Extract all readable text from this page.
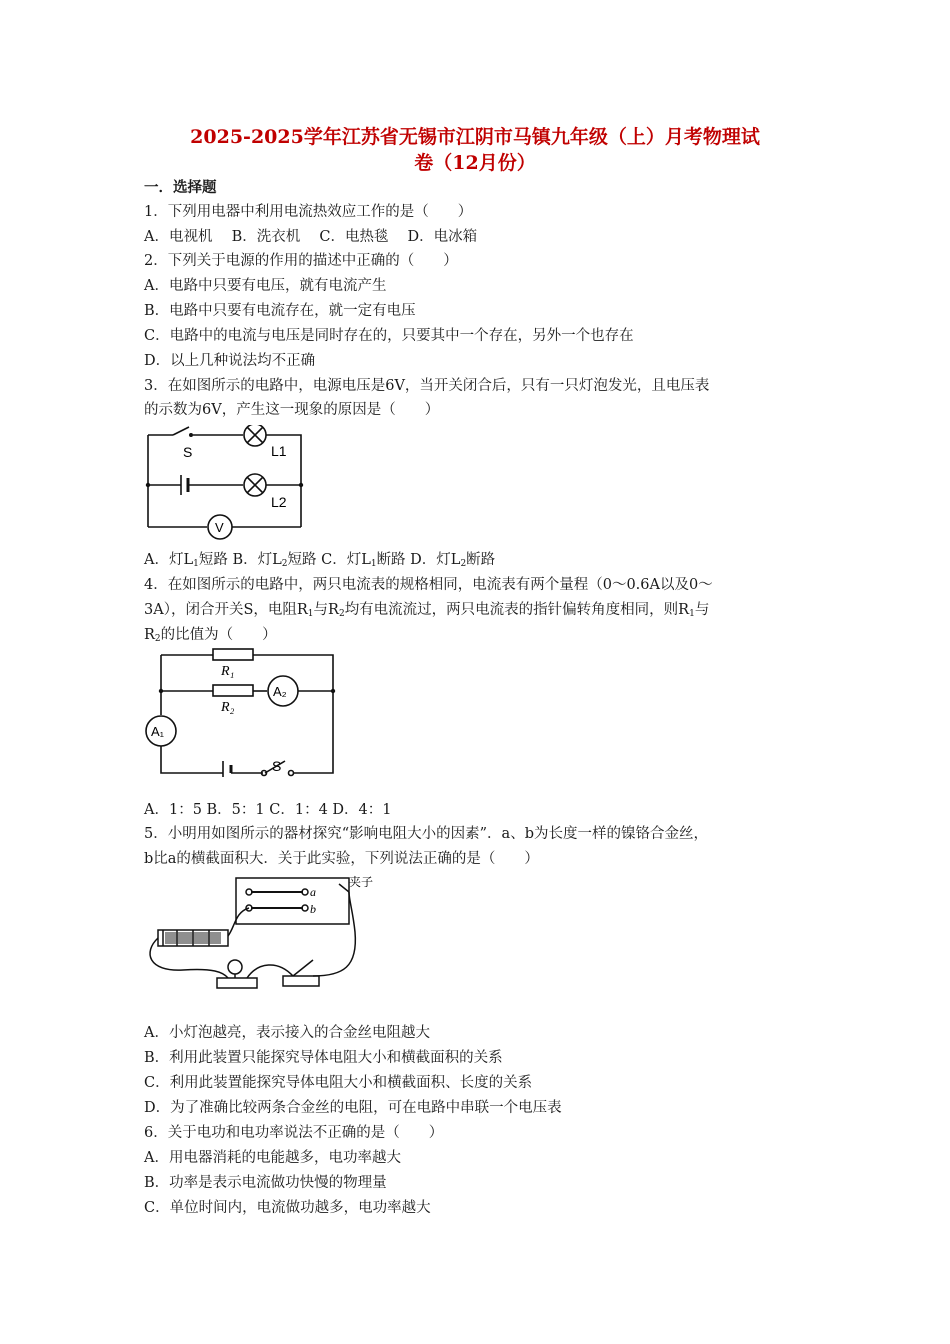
2025-2025学年江苏省无锡市江阴市马镇九年级（上）月考物理试
卷（12月份）
一．选择题
1．下列用电器中利用电流热效应工作的是（　　）
A．电视机　 B．洗衣机　 C．电热毯　 D．电冰箱
2．下列关于电源的作用的描述中正确的（　　）
A．电路中只要有电压，就有电流产生
B．电路中只要有电流存在，就一定有电压
C．电路中的电流与电压是同时存在的，只要其中一个存在，另外一个也存在
D．以上几种说法均不正确
3．在如图所示的电路中，电源电压是6V，当开关闭合后，只有一只灯泡发光，且电压表
的示数为6V，产生这一现象的原因是（　　）
S	L1
L2
V
A．灯$L_1$短路 B．灯$L_2$短路 C．灯$L_1$断路 D．灯$L_2$断路
4．在如图所示的电路中，两只电流表的规格相同，电流表有两个量程（0～0.6A以及0～
3A），闭合开关S，电阻$R_1$与$R_2$均有电流流过，两只电流表的指针偏转角度相同，则$R_1$与
$R_2$的比值为（　　）
R₁
R₂
A₂
A₁
S
A．1：5 B．5：1 C．1：4 D．4：1
5．小明用如图所示的器材探究“影响电阻大小的因素”．a、b为长度一样的镍铬合金丝，
b比a的横截面积大．关于此实验，下列说法正确的是（　　）
a
b
夹子
A．小灯泡越亮，表示接入的合金丝电阻越大
B．利用此装置只能探究导体电阻大小和横截面积的关系
C．利用此装置能探究导体电阻大小和横截面积、长度的关系
D．为了准确比较两条合金丝的电阻，可在电路中串联一个电压表
6．关于电功和电功率说法不正确的是（　　）
A．用电器消耗的电能越多，电功率越大
B．功率是表示电流做功快慢的物理量
C．单位时间内，电流做功越多，电功率越大
